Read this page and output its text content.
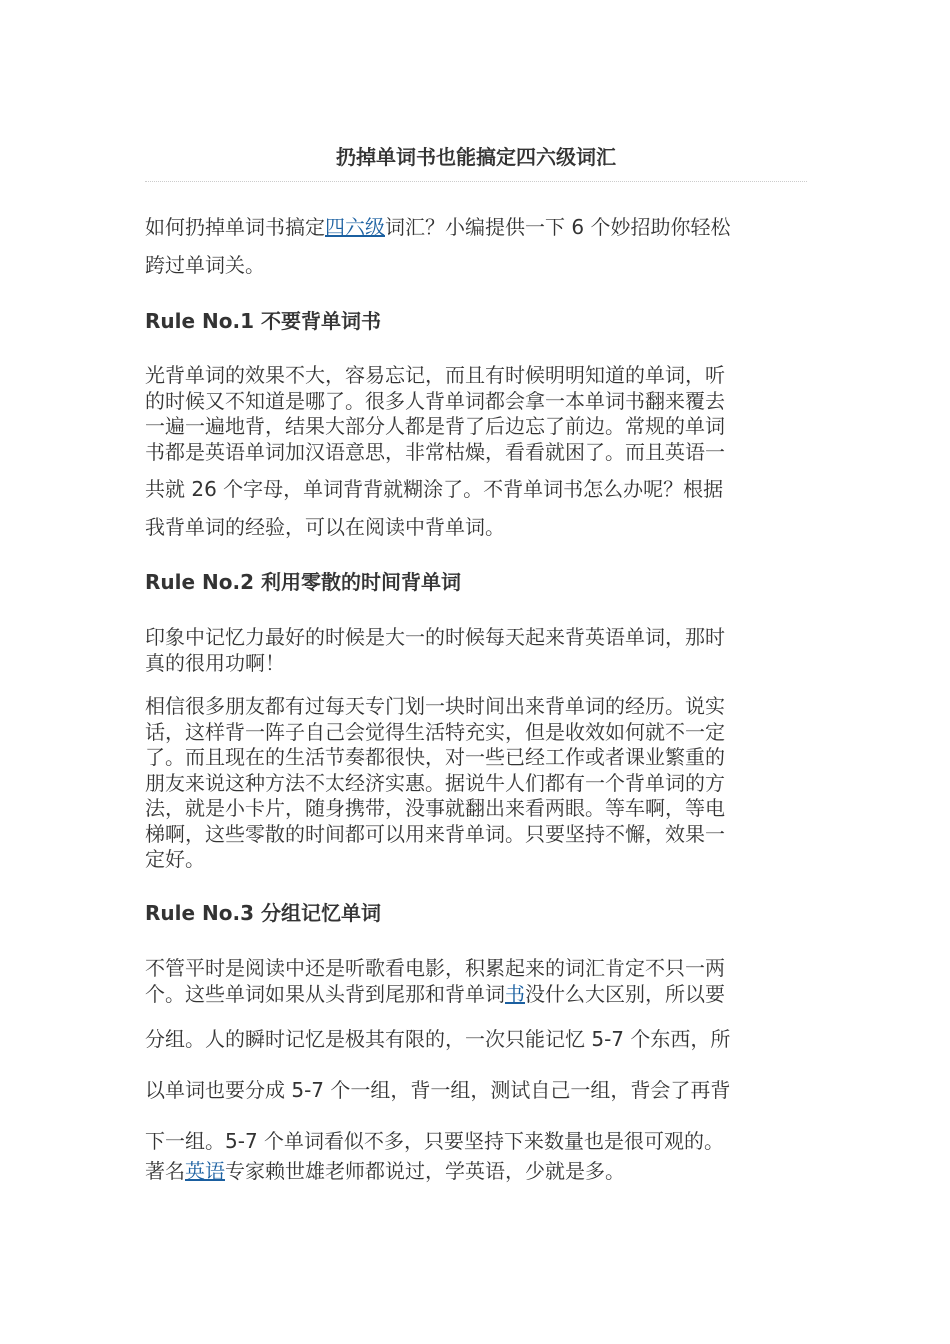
扔掉单词书也能搞定四六级词汇
如何扔掉单词书搞定四六级词汇？小编提供一下 6 个妙招助你轻松
跨过单词关。
Rule No.1 不要背单词书
光背单词的效果不大，容易忘记，而且有时候明明知道的单词，听
的时候又不知道是哪了。很多人背单词都会拿一本单词书翻来覆去
一遍一遍地背，结果大部分人都是背了后边忘了前边。常规的单词
书都是英语单词加汉语意思，非常枯燥，看看就困了。而且英语一
共就 26 个字母，单词背背就糊涂了。不背单词书怎么办呢？根据
我背单词的经验，可以在阅读中背单词。
Rule No.2 利用零散的时间背单词
印象中记忆力最好的时候是大一的时候每天起来背英语单词，那时
真的很用功啊！
相信很多朋友都有过每天专门划一块时间出来背单词的经历。说实
话，这样背一阵子自己会觉得生活特充实，但是收效如何就不一定
了。而且现在的生活节奏都很快，对一些已经工作或者课业繁重的
朋友来说这种方法不太经济实惠。据说牛人们都有一个背单词的方
法，就是小卡片，随身携带，没事就翻出来看两眼。等车啊，等电
梯啊，这些零散的时间都可以用来背单词。只要坚持不懈，效果一
定好。
Rule No.3 分组记忆单词
不管平时是阅读中还是听歌看电影，积累起来的词汇肯定不只一两
个。这些单词如果从头背到尾那和背单词书没什么大区别，所以要
分组。人的瞬时记忆是极其有限的，一次只能记忆 5-7 个东西，所
以单词也要分成 5-7 个一组，背一组，测试自己一组，背会了再背
下一组。5-7 个单词看似不多，只要坚持下来数量也是很可观的。
著名英语专家赖世雄老师都说过，学英语，少就是多。
